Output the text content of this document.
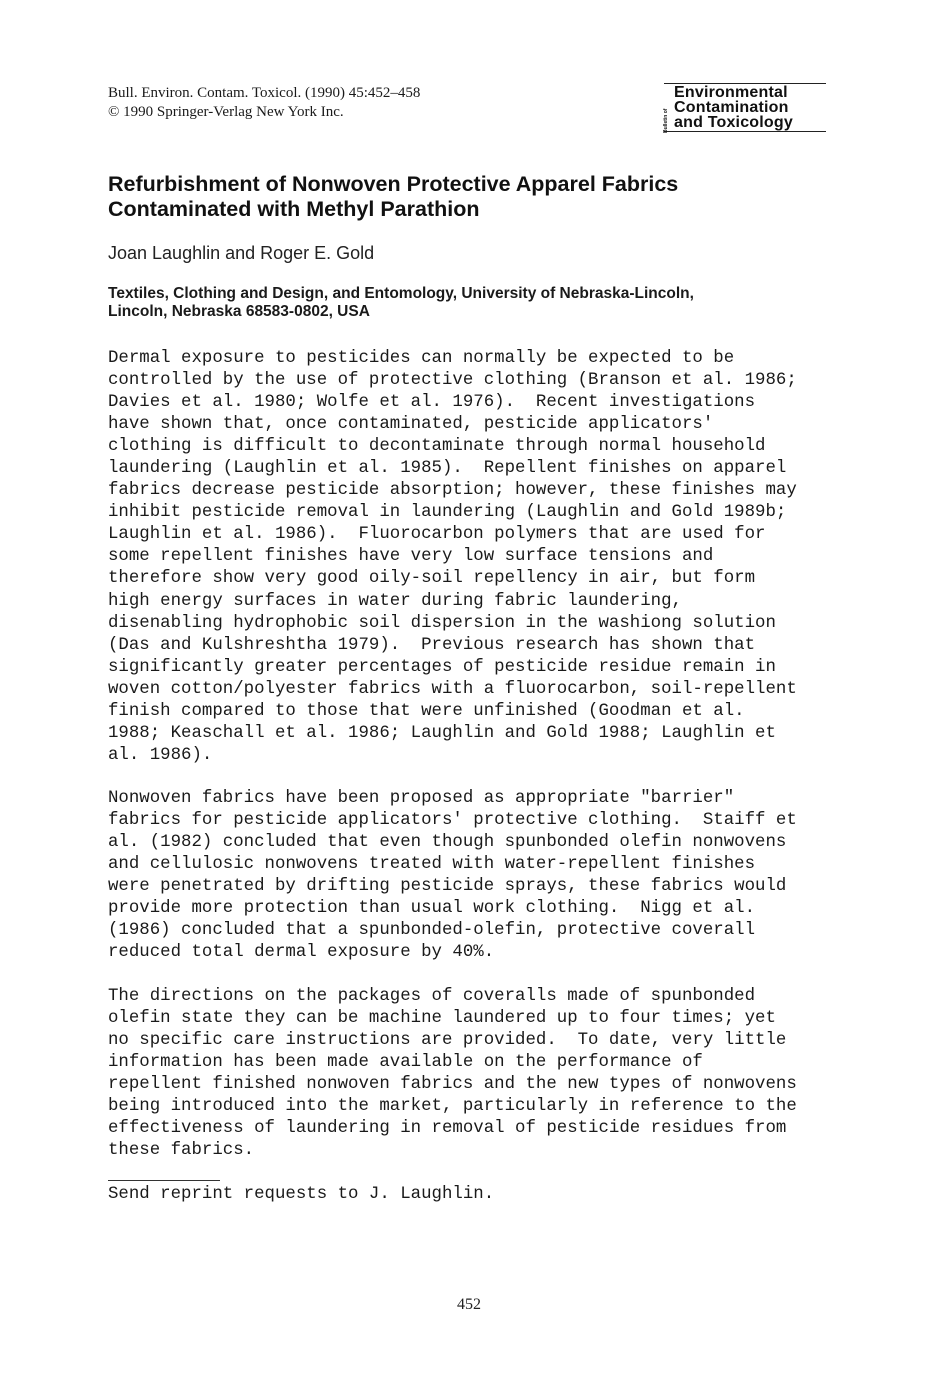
Bull. Environ. Contam. Toxicol. (1990) 45:452–458
© 1990 Springer-Verlag New York Inc.	Bulletin of
Environmental
Contamination
and Toxicology
Refurbishment of Nonwoven Protective Apparel Fabrics
Contaminated with Methyl Parathion
Joan Laughlin and Roger E. Gold
Textiles, Clothing and Design, and Entomology, University of Nebraska-Lincoln,
Lincoln, Nebraska 68583-0802, USA
Dermal exposure to pesticides can normally be expected to be
controlled by the use of protective clothing (Branson et al. 1986;
Davies et al. 1980; Wolfe et al. 1976).  Recent investigations
have shown that, once contaminated, pesticide applicators'
clothing is difficult to decontaminate through normal household
laundering (Laughlin et al. 1985).  Repellent finishes on apparel
fabrics decrease pesticide absorption; however, these finishes may
inhibit pesticide removal in laundering (Laughlin and Gold 1989b;
Laughlin et al. 1986).  Fluorocarbon polymers that are used for
some repellent finishes have very low surface tensions and
therefore show very good oily-soil repellency in air, but form
high energy surfaces in water during fabric laundering,
disenabling hydrophobic soil dispersion in the washiong solution
(Das and Kulshreshtha 1979).  Previous research has shown that
significantly greater percentages of pesticide residue remain in
woven cotton/polyester fabrics with a fluorocarbon, soil-repellent
finish compared to those that were unfinished (Goodman et al.
1988; Keaschall et al. 1986; Laughlin and Gold 1988; Laughlin et
al. 1986).
Nonwoven fabrics have been proposed as appropriate "barrier"
fabrics for pesticide applicators' protective clothing.  Staiff et
al. (1982) concluded that even though spunbonded olefin nonwovens
and cellulosic nonwovens treated with water-repellent finishes
were penetrated by drifting pesticide sprays, these fabrics would
provide more protection than usual work clothing.  Nigg et al.
(1986) concluded that a spunbonded-olefin, protective coverall
reduced total dermal exposure by 40%.
The directions on the packages of coveralls made of spunbonded
olefin state they can be machine laundered up to four times; yet
no specific care instructions are provided.  To date, very little
information has been made available on the performance of
repellent finished nonwoven fabrics and the new types of nonwovens
being introduced into the market, particularly in reference to the
effectiveness of laundering in removal of pesticide residues from
these fabrics.
Send reprint requests to J. Laughlin.
452
